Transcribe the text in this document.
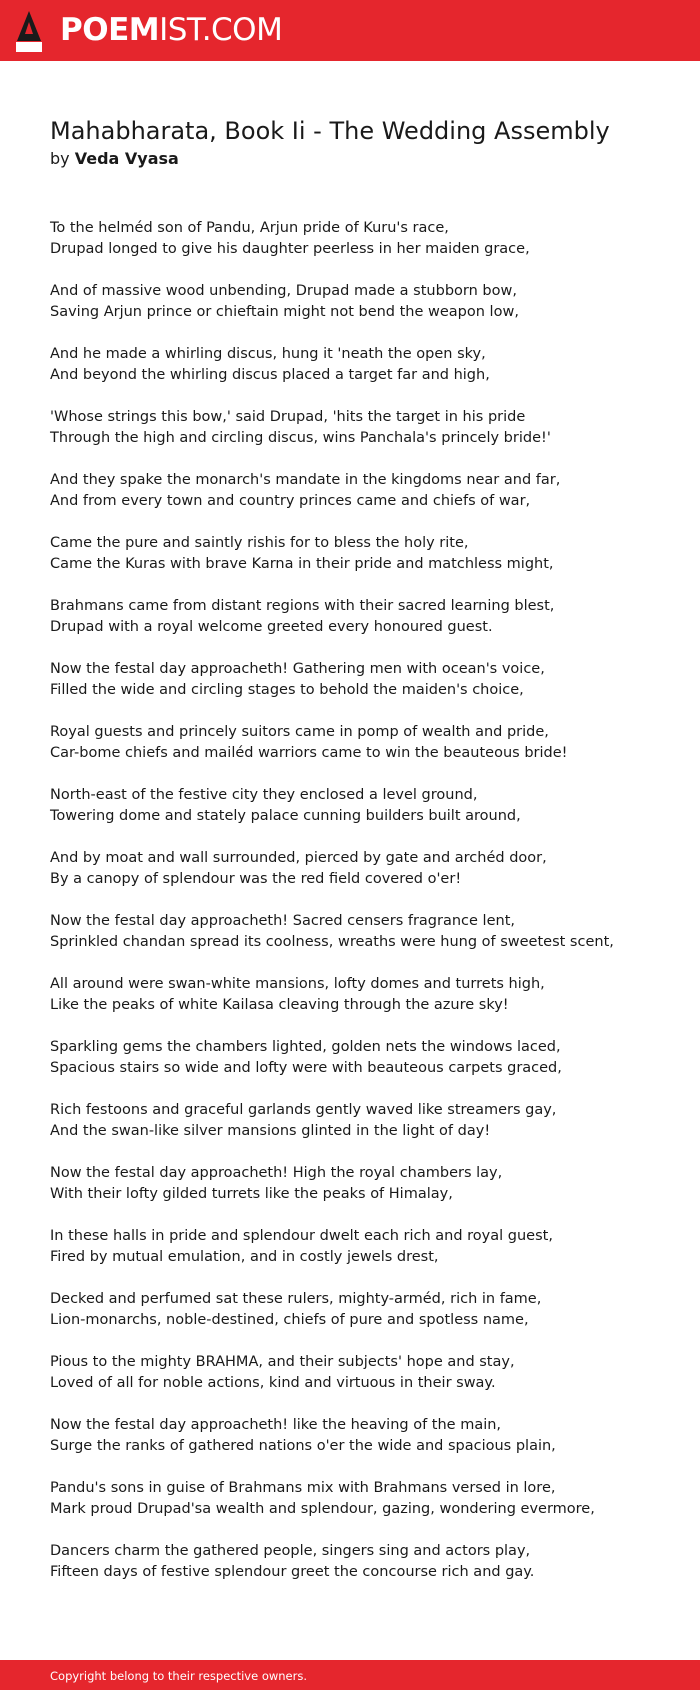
POEMIST.COM
Mahabharata, Book Ii - The Wedding Assembly
by Veda Vyasa
To the helméd son of Pandu, Arjun pride of Kuru's race,
Drupad longed to give his daughter peerless in her maiden grace,
And of massive wood unbending, Drupad made a stubborn bow,
Saving Arjun prince or chieftain might not bend the weapon low,
And he made a whirling discus, hung it 'neath the open sky,
And beyond the whirling discus placed a target far and high,
'Whose strings this bow,' said Drupad, 'hits the target in his pride
Through the high and circling discus, wins Panchala's princely bride!'
And they spake the monarch's mandate in the kingdoms near and far,
And from every town and country princes came and chiefs of war,
Came the pure and saintly rishis for to bless the holy rite,
Came the Kuras with brave Karna in their pride and matchless might,
Brahmans came from distant regions with their sacred learning blest,
Drupad with a royal welcome greeted every honoured guest.
Now the festal day approacheth! Gathering men with ocean's voice,
Filled the wide and circling stages to behold the maiden's choice,
Royal guests and princely suitors came in pomp of wealth and pride,
Car-bome chiefs and mailéd warriors came to win the beauteous bride!
North-east of the festive city they enclosed a level ground,
Towering dome and stately palace cunning builders built around,
And by moat and wall surrounded, pierced by gate and archéd door,
By a canopy of splendour was the red field covered o'er!
Now the festal day approacheth! Sacred censers fragrance lent,
Sprinkled chandan spread its coolness, wreaths were hung of sweetest scent,
All around were swan-white mansions, lofty domes and turrets high,
Like the peaks of white Kailasa cleaving through the azure sky!
Sparkling gems the chambers lighted, golden nets the windows laced,
Spacious stairs so wide and lofty were with beauteous carpets graced,
Rich festoons and graceful garlands gently waved like streamers gay,
And the swan-like silver mansions glinted in the light of day!
Now the festal day approacheth! High the royal chambers lay,
With their lofty gilded turrets like the peaks of Himalay,
In these halls in pride and splendour dwelt each rich and royal guest,
Fired by mutual emulation, and in costly jewels drest,
Decked and perfumed sat these rulers, mighty-arméd, rich in fame,
Lion-monarchs, noble-destined, chiefs of pure and spotless name,
Pious to the mighty BRAHMA, and their subjects' hope and stay,
Loved of all for noble actions, kind and virtuous in their sway.
Now the festal day approacheth! like the heaving of the main,
Surge the ranks of gathered nations o'er the wide and spacious plain,
Pandu's sons in guise of Brahmans mix with Brahmans versed in lore,
Mark proud Drupad'sa wealth and splendour, gazing, wondering evermore,
Dancers charm the gathered people, singers sing and actors play,
Fifteen days of festive splendour greet the concourse rich and gay.
Copyright belong to their respective owners.
